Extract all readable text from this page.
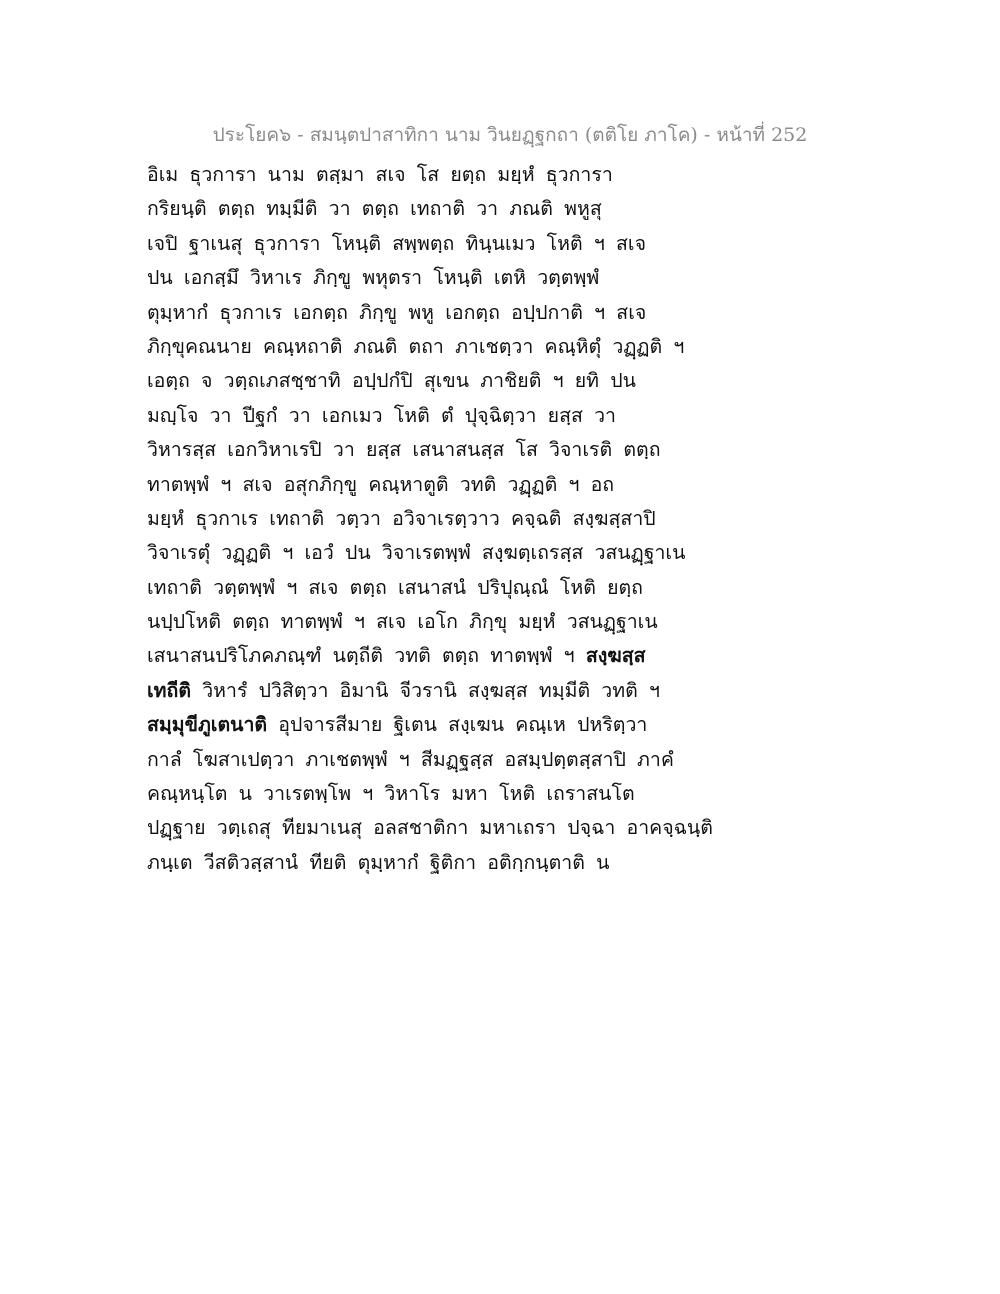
ประโยค๖ - สมนฺตปาสาทิกา นาม วินยฏฺฐกถา (ตติโย ภาโค) - หน้าที่ 252
อิเม ธุวการา นาม ตสฺมา สเจ โส ยตฺถ มยฺหํ ธุวการา
กริยนฺติ ตตฺถ ทมฺมีติ วา ตตฺถ เทถาติ วา ภณติ พหูสุ
เจปิ ฐาเนสุ ธุวการา โหนฺติ สพฺพตฺถ ทินฺนเมว โหติ ฯ สเจ
ปน เอกสฺมึ วิหาเร ภิกฺขู พหุตรา โหนฺติ เตหิ วตฺตพฺพํ
ตุมฺหากํ ธุวกาเร เอกตฺถ ภิกฺขู พหู เอกตฺถ อปฺปกาติ ฯ สเจ
ภิกฺขุคณนาย คณฺหถาติ ภณติ ตถา ภาเชตฺวา คณฺหิตุํ วฏฺฏติ ฯ
เอตฺถ จ วตฺถเภสชฺชาทิ อปฺปกํปิ สุเขน ภาชิยติ ฯ ยทิ ปน
มญฺโจ วา ปีฐกํ วา เอกเมว โหติ ตํ ปุจฺฉิตฺวา ยสฺส วา
วิหารสฺส เอกวิหาเรปิ วา ยสฺส เสนาสนสฺส โส วิจาเรติ ตตฺถ
ทาตพฺพํ ฯ สเจ อสุกภิกฺขู คณฺหาตูติ วทติ วฏฺฏติ ฯ อถ
มยฺหํ ธุวกาเร เทถาติ วตฺวา อวิจาเรตฺวาว คจฺฉติ สงฺฆสฺสาปิ
วิจาเรตุํ วฏฺฏติ ฯ เอวํ ปน วิจาเรตพฺพํ สงฺฆตฺเถรสฺส วสนฏฺฐาเน
เทถาติ วตฺตพฺพํ ฯ สเจ ตตฺถ เสนาสนํ ปริปุณฺณํ โหติ ยตฺถ
นปฺปโหติ ตตฺถ ทาตพฺพํ ฯ สเจ เอโก ภิกฺขุ มยฺหํ วสนฏฺฐาเน
เสนาสนปริโภคภณฺฑํ นตฺถีติ วทติ ตตฺถ ทาตพฺพํ ฯ สงฺฆสฺส
เทถีติ วิหารํ ปวิสิตฺวา อิมานิ จีวรานิ สงฺฆสฺส ทมฺมีติ วทติ ฯ
สมฺมุขีภูเตนาติ อุปจารสีมาย ฐิเตน สงฺเฆน คณฺเห ปหริตฺวา
กาลํ โฆสาเปตฺวา ภาเชตพฺพํ ฯ สีมฏฺฐสฺส อสมฺปตฺตสฺสาปิ ภาคํ
คณฺหนฺโต น วาเรตพฺโพ ฯ วิหาโร มหา โหติ เถราสนโต
ปฏฺฐาย วตฺเถสุ ทียมาเนสุ อลสชาติกา มหาเถรา ปจฺฉา อาคจฺฉนฺติ
ภนฺเต วีสติวสฺสานํ ทียติ ตุมฺหากํ ฐิติกา อติกฺกนฺตาติ น
